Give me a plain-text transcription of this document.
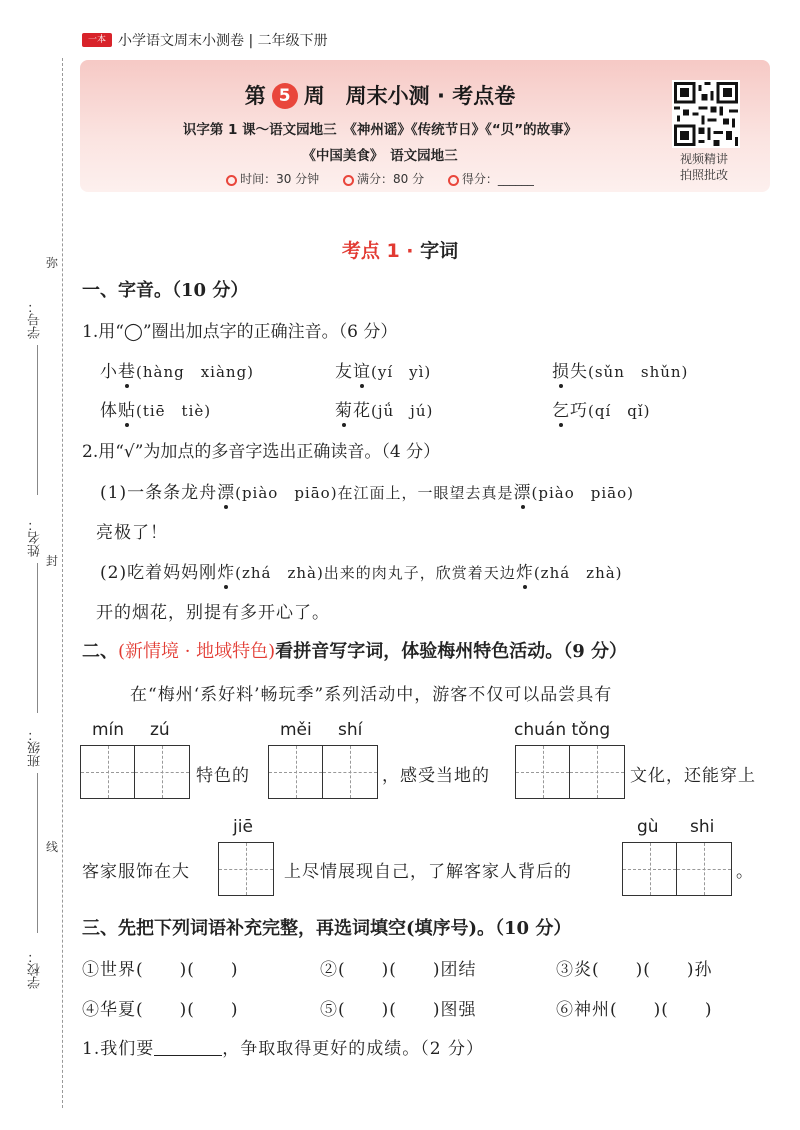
一本 小学语文周末小测卷 | 二年级下册
学号：
姓名：
班级：
学校：
弥
封
线
第 5 周　周末小测 · 考点卷
识字第 1 课～语文园地三　《神州谣》《传统节日》《“贝”的故事》
《中国美食》　语文园地三
时间：30 分钟	满分：80 分	得分：______
视频精讲
拍照批改
考点 1 · 字词
一、字音。（10 分）
1.用“◯”圈出加点字的正确注音。（6 分）
小巷(hàng　xiàng)	友谊(yí　yì)	损失(sǔn　shǔn)
体贴(tiē　tiè)	菊花(jǘ　jú)	乞巧(qí　qǐ)
2.用“√”为加点的多音字选出正确读音。（4 分）
(1)一条条龙舟漂(piào　piāo)在江面上，一眼望去真是漂(piào　piāo)
亮极了！
(2)吃着妈妈刚炸(zhá　zhà)出来的肉丸子，欣赏着天边炸(zhá　zhà)
开的烟花，别提有多开心了。
二、(新情境 · 地域特色)看拼音写字词，体验梅州特色活动。（9 分）
在“梅州‘系好料’畅玩季”系列活动中，游客不仅可以品尝具有
mín zú
特色的
měi shí
，感受当地的
chuán tǒng
文化，还能穿上
客家服饰在大
jiē
上尽情展现自己，了解客家人背后的
gù shi
。
三、先把下列词语补充完整，再选词填空(填序号)。（10 分）
①世界(　　)(　　)	②(　　)(　　)团结	③炎(　　)(　　)孙
④华夏(　　)(　　)	⑤(　　)(　　)图强	⑥神州(　　)(　　)
1.我们要	，争取取得更好的成绩。（2 分）
